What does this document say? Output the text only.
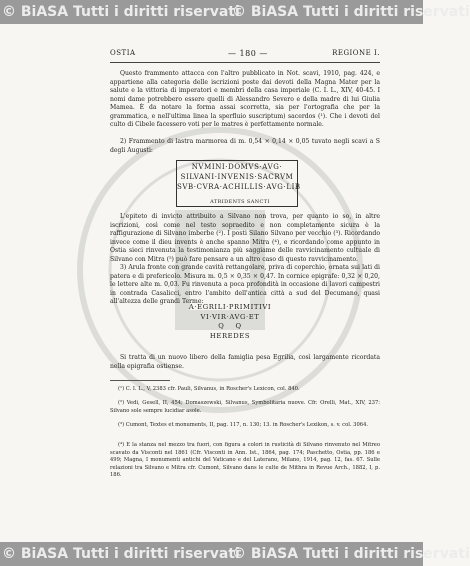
© BiASA Tutti i diritti riservati
© BiASA Tutti i diritti riservati
OSTIA	— 180 —	REGIONE I.
Questo frammento attacca con l'altro pubblicato in Not. scavi, 1910, pag. 424, e appartiene alla categoria delle iscrizioni poste dai devoti della Magna Mater per la salute e la vittoria di imperatori e membri della casa imperiale (C. I. L., XIV, 40-45. I nomi dame potrebbero essere quelli di Alessandro Severo e della madre di lui Giulia Mamea. È da notare la forma assai scorretta, sia per l'ortografia che per la grammatica, e nell'ultima linea la sperfluio suscriptum) sacerdos (¹). Che i devoti del culto di Cibele facessero voti per le matres è perfettamente normale.
2) Frammento di lastra marmorea di m. 0,54 × 0,14 × 0,05 tuvato negli scavi a S degli Augusti:
NVMINI·DOMVS·AVG·
SILVANI·INVENIS·SACRVM
SVB·CVRA·ACHILLIS·AVG·LIB
ATRIDENTS SANCTI
L'epiteto di invicto attribuito a Silvano non trova, per quanto io so, in altre iscrizioni, così come nel testo sopraedito e non completamente sicura è la raffigurazione di Silvano imberbe (²). I posti Silano Silvano per vecchio (³). Ricordando invece come il dieu invents è anche spanno Mitra (⁴), e ricordando come appunto in Ostia sieci rinvenuta la testimonianza più saggiame delle ravvicinamento cultuale di Silvano con Mitra (⁵) può fare pensare a un altro caso di questo ravvicinamento.
3) Arula fronte con grande cavità rettangolare, priva di coperchio, ornata sui lati di patera e di prefericolo. Misura m. 0,5 × 0,35 × 0,47. In cornice epigrafe: 0,32 × 0,20, le lettere alte m. 0,03. Fu rinvenuta a poca profondità in occasione di lavori campestri in contrada Casalicci, entro l'ambito dell'antica città a sud del Decumano, quasi all'altezza delle grandi Terme:
A·EGRILI·PRIMITIVI
VI·VIR·AVG·ET
Q    Q
HEREDES
Si tratta di un nuovo libero della famiglia pesa Egrilia, così largamente ricordata nella epigrafia ostiense.
(¹) C. I. L., V, 2383 cfr. Pauli, Silvanus, in Roscher's Lexicon, col. 840.
(²) Vedi, Gesell, II, 454; Domaszewski, Silvanus, Symbolitaria nuove. Cfr. Orelli, Mat., XIV, 237: Silvano sole sempre lucidiar asole.
(³) Cumont, Textes et monuments, II, pag. 117, n. 130; 13. in Roscher's Lexikon, s. v. col. 3064.
(⁴) E la stanza nel mezzo tra fuori, con figura a colori in rusticità di Silvano rinvenuto nel Mitreo scavato da Visconti nel 1861 (Cfr. Visconti in Ann. Ist., 1864, pag. 174; Paschetto, Ostia, pp. 186 e 499; Magna, I monumenti antichi del Vaticano e del Laterano, Milano, 1914, pag. 12, fas. 67. Sulle relazioni tra Silvano e Mitra cfr. Cumont, Silvano dans le culte de Mithra in Revue Arch., 1882, I, p. 186.
© BiASA Tutti i diritti riservati
© BiASA Tutti i diritti riservati
